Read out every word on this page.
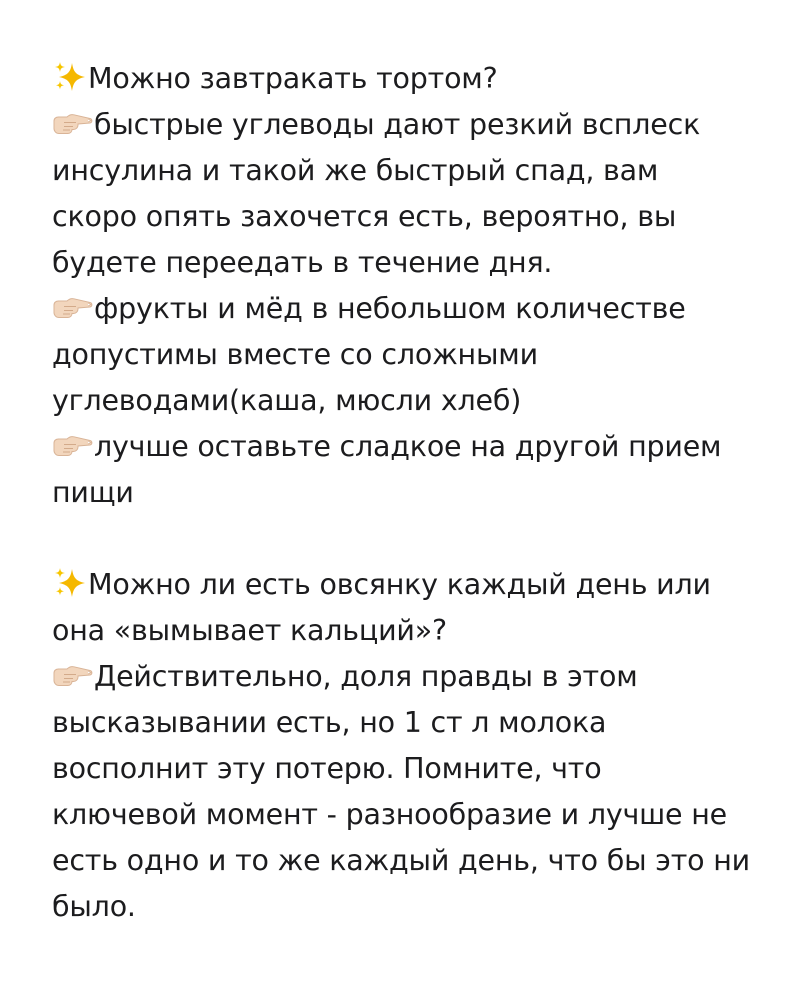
Можно завтракать тортом?
быстрые углеводы дают резкий всплеск
инсулина и такой же быстрый спад, вам
скоро опять захочется есть, вероятно, вы
будете переедать в течение дня.
фрукты и мёд в небольшом количестве
допустимы вместе со сложными
углеводами(каша, мюсли хлеб)
лучше оставьте сладкое на другой прием
пищи
Можно ли есть овсянку каждый день или
она «вымывает кальций»?
Действительно, доля правды в этом
высказывании есть, но 1 ст л молока
восполнит эту потерю. Помните, что
ключевой момент - разнообразие и лучше не
есть одно и то же каждый день, что бы это ни
было.
